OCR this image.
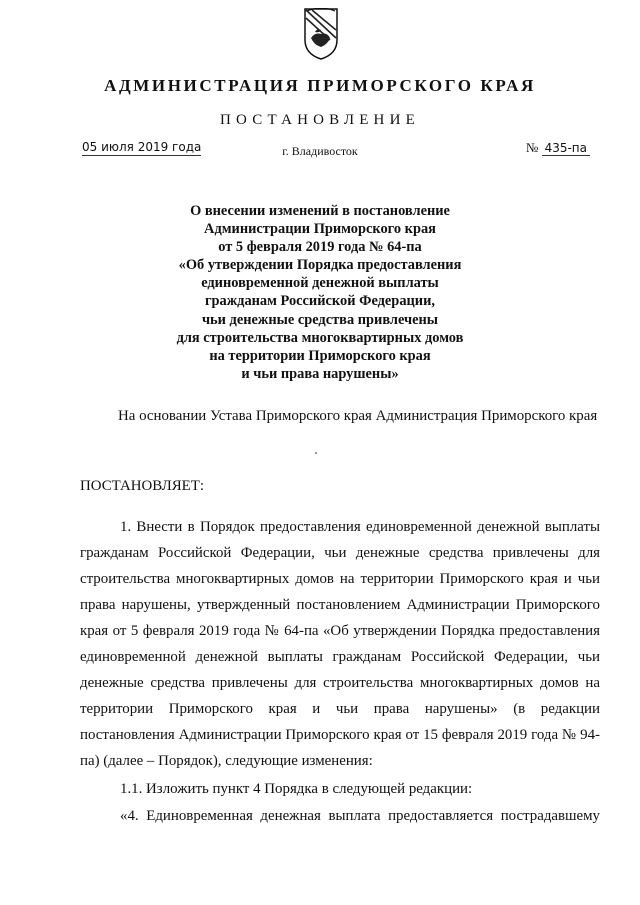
АДМИНИСТРАЦИЯ ПРИМОРСКОГО КРАЯ
ПОСТАНОВЛЕНИЕ
05 июля 2019 года	г. Владивосток	№ 435-па
О внесении изменений в постановление
Администрации Приморского края
от 5 февраля 2019 года № 64-па
«Об утверждении Порядка предоставления
единовременной денежной выплаты
гражданам Российской Федерации,
чьи денежные средства привлечены
для строительства многоквартирных домов
на территории Приморского края
и чьи права нарушены»
На основании Устава Приморского края Администрация Приморского края
ПОСТАНОВЛЯЕТ:
1. Внести в Порядок предоставления единовременной денежной выплаты гражданам Российской Федерации, чьи денежные средства привлечены для строительства многоквартирных домов на территории Приморского края и чьи права нарушены, утвержденный постановлением Администрации Приморского края от 5 февраля 2019 года № 64-па «Об утверждении Порядка предоставления единовременной денежной выплаты гражданам Российской Федерации, чьи денежные средства привлечены для строительства многоквартирных домов на территории Приморского края и чьи права нарушены» (в редакции постановления Администрации Приморского края от 15 февраля 2019 года № 94-па) (далее – Порядок), следующие изменения:
1.1. Изложить пункт 4 Порядка в следующей редакции:
«4. Единовременная денежная выплата предоставляется пострадавшему
